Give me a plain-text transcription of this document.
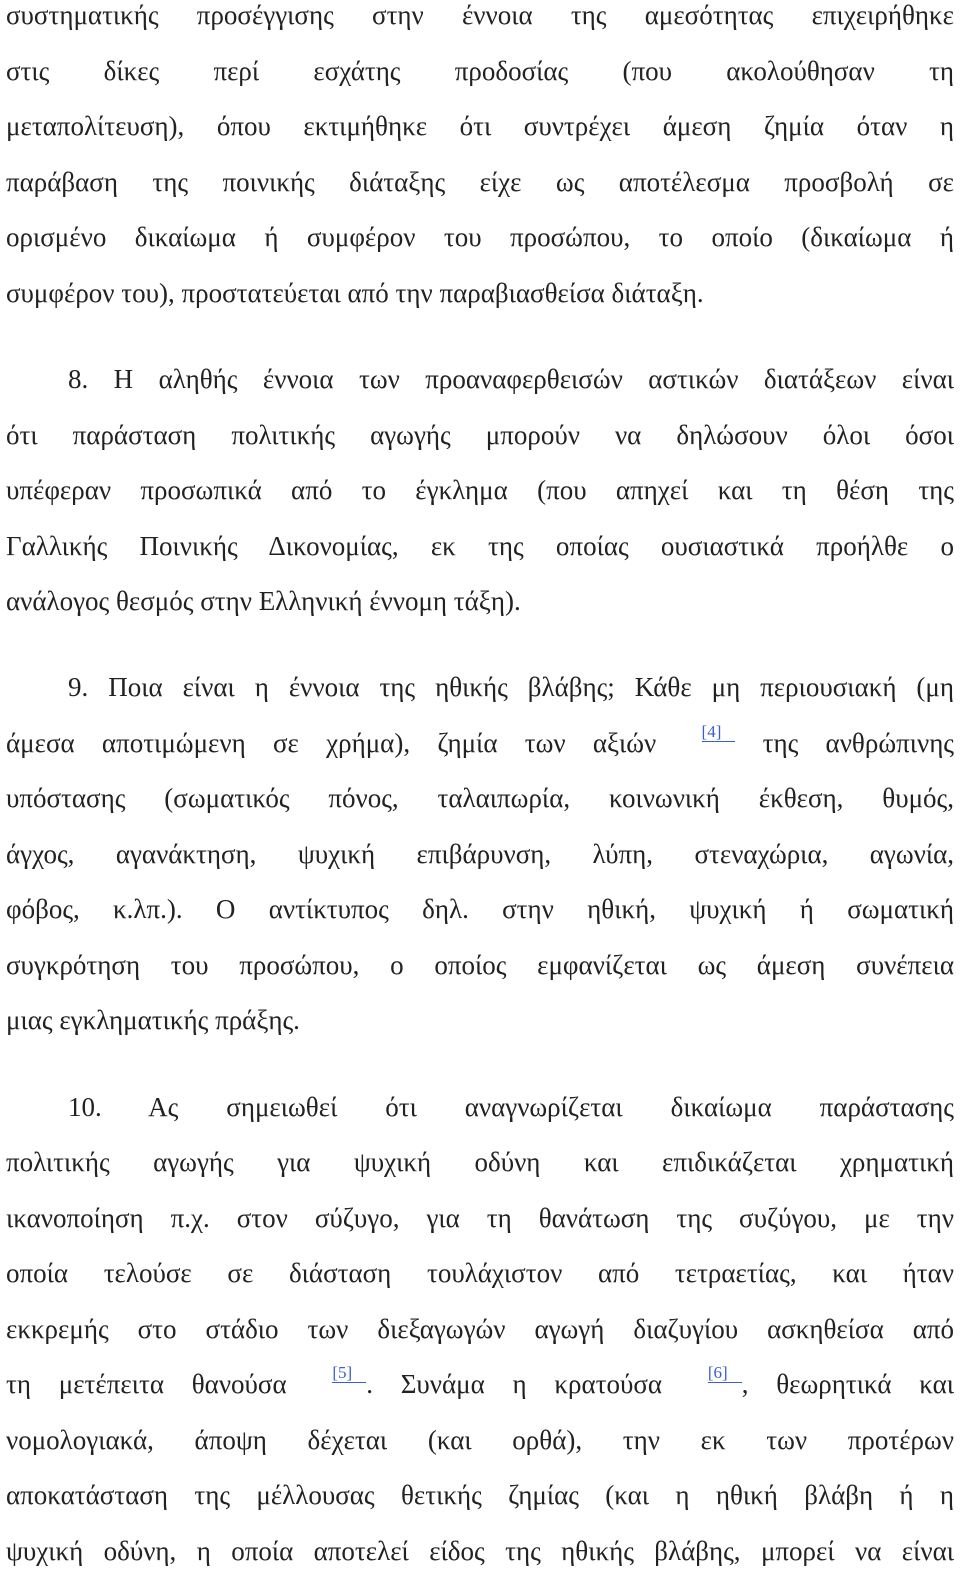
συστηματικής προσέγγισης στην έννοια της αμεσότητας επιχειρήθηκε
στις δίκες περί εσχάτης προδοσίας (που ακολούθησαν τη
μεταπολίτευση), όπου εκτιμήθηκε ότι συντρέχει άμεση ζημία όταν η
παράβαση της ποινικής διάταξης είχε ως αποτέλεσμα προσβολή σε
ορισμένο δικαίωμα ή συμφέρον του προσώπου, το οποίο (δικαίωμα ή
συμφέρον του), προστατεύεται από την παραβιασθείσα διάταξη.
8. Η αληθής έννοια των προαναφερθεισών αστικών διατάξεων είναι
ότι παράσταση πολιτικής αγωγής μπορούν να δηλώσουν όλοι όσοι
υπέφεραν προσωπικά από το έγκλημα (που απηχεί και τη θέση της
Γαλλικής Ποινικής Δικονομίας, εκ της οποίας ουσιαστικά προήλθε ο
ανάλογος θεσμός στην Ελληνική έννομη τάξη).
9. Ποια είναι η έννοια της ηθικής βλάβης; Κάθε μη περιουσιακή (μη
άμεσα αποτιμώμενη σε χρήμα), ζημία των αξιών	[4] της ανθρώπινης
υπόστασης (σωματικός πόνος, ταλαιπωρία, κοινωνική έκθεση, θυμός,
άγχος, αγανάκτηση, ψυχική επιβάρυνση, λύπη, στεναχώρια, αγωνία,
φόβος, κ.λπ.). Ο αντίκτυπος δηλ. στην ηθική, ψυχική ή σωματική
συγκρότηση του προσώπου, ο οποίος εμφανίζεται ως άμεση συνέπεια
μιας εγκληματικής πράξης.
10. Ας σημειωθεί ότι αναγνωρίζεται δικαίωμα παράστασης
πολιτικής αγωγής για ψυχική οδύνη και επιδικάζεται χρηματική
ικανοποίηση π.χ. στον σύζυγο, για τη θανάτωση της συζύγου, με την
οποία τελούσε σε διάσταση τουλάχιστον από τετραετίας, και ήταν
εκκρεμής στο στάδιο των διεξαγωγών αγωγή διαζυγίου ασκηθείσα από
τη μετέπειτα θανούσα	[5] . Συνάμα η κρατούσα	[6] , θεωρητικά και
νομολογιακά, άποψη δέχεται (και ορθά), την εκ των προτέρων
αποκατάσταση της μέλλουσας θετικής ζημίας (και η ηθική βλάβη ή η
ψυχική οδύνη, η οποία αποτελεί είδος της ηθικής βλάβης, μπορεί να είναι
